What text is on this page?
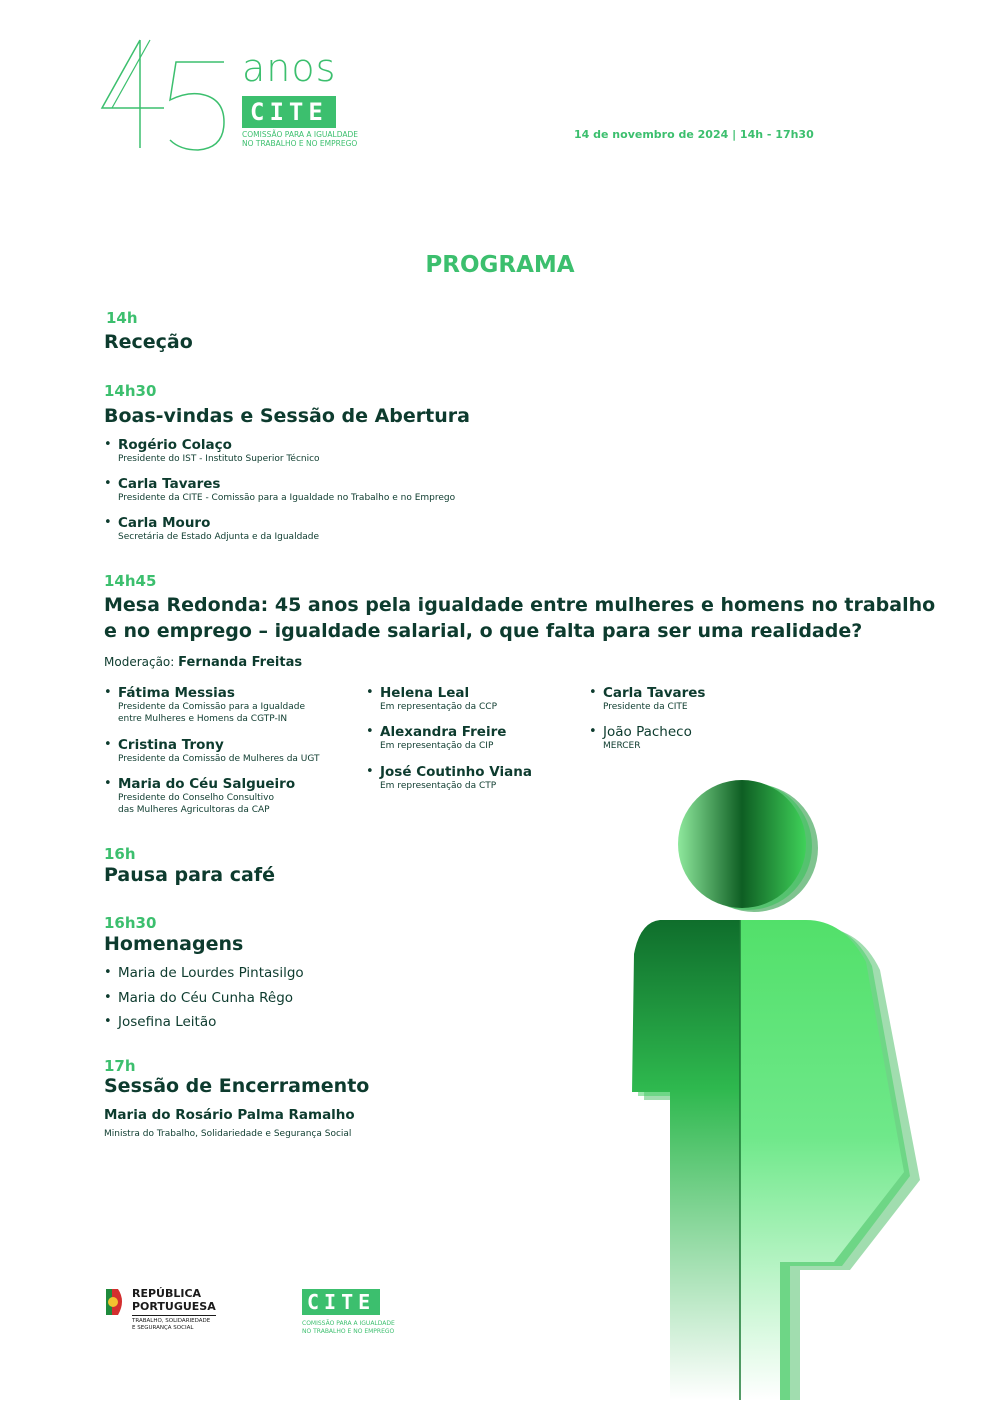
anos
CITE
COMISSÃO PARA A IGUALDADE
NO TRABALHO E NO EMPREGO
14 de novembro de 2024 | 14h - 17h30
PROGRAMA
14h
Receção
14h30
Boas-vindas e Sessão de Abertura
• Rogério Colaço
Presidente do IST - Instituto Superior Técnico
• Carla Tavares
Presidente da CITE - Comissão para a Igualdade no Trabalho e no Emprego
• Carla Mouro
Secretária de Estado Adjunta e da Igualdade
14h45
Mesa Redonda: 45 anos pela igualdade entre mulheres e homens no trabalho
e no emprego – igualdade salarial, o que falta para ser uma realidade?
Moderação: Fernanda Freitas
• Fátima Messias
Presidente da Comissão para a Igualdade
entre Mulheres e Homens da CGTP-IN
• Cristina Trony
Presidente da Comissão de Mulheres da UGT
• Maria do Céu Salgueiro
Presidente do Conselho Consultivo
das Mulheres Agricultoras da CAP
• Helena Leal
Em representação da CCP
• Alexandra Freire
Em representação da CIP
• José Coutinho Viana
Em representação da CTP
• Carla Tavares
Presidente da CITE
• João Pacheco
MERCER
16h
Pausa para café
16h30
Homenagens
• Maria de Lourdes Pintasilgo
• Maria do Céu Cunha Rêgo
• Josefina Leitão
17h
Sessão de Encerramento
Maria do Rosário Palma Ramalho
Ministra do Trabalho, Solidariedade e Segurança Social
REPÚBLICA
PORTUGUESA
TRABALHO, SOLIDARIEDADE
E SEGURANÇA SOCIAL
CITE
COMISSÃO PARA A IGUALDADE
NO TRABALHO E NO EMPREGO
